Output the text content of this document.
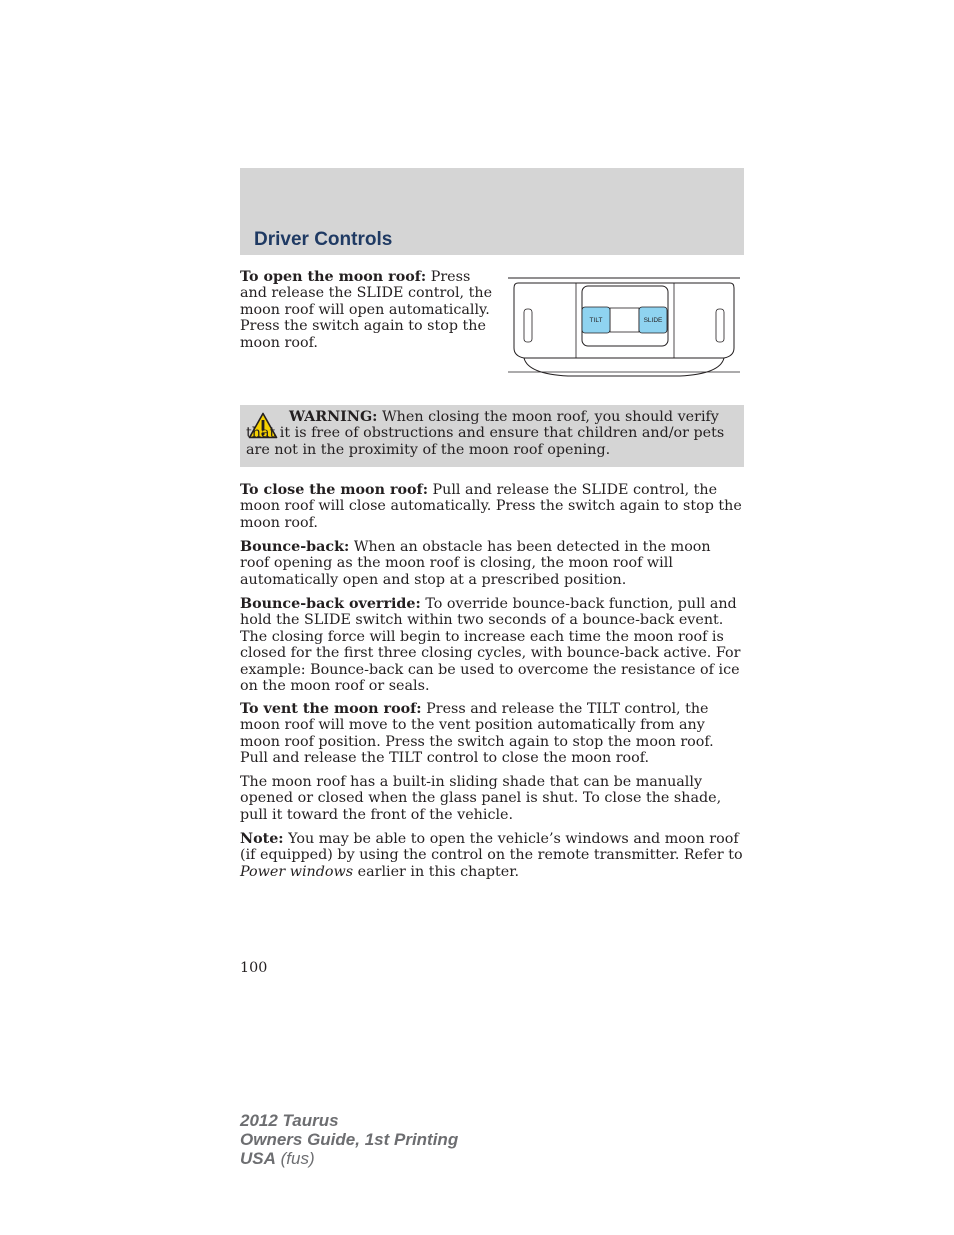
Driver Controls

To open the moon roof: Press and release the SLIDE control, the moon roof will open automatically. Press the switch again to stop the moon roof.

TILT	SLIDE

WARNING: When closing the moon roof, you should verify that it is free of obstructions and ensure that children and/or pets are not in the proximity of the moon roof opening.

To close the moon roof: Pull and release the SLIDE control, the moon roof will close automatically. Press the switch again to stop the moon roof.

Bounce-back: When an obstacle has been detected in the moon roof opening as the moon roof is closing, the moon roof will automatically open and stop at a prescribed position.

Bounce-back override: To override bounce-back function, pull and hold the SLIDE switch within two seconds of a bounce-back event. The closing force will begin to increase each time the moon roof is closed for the first three closing cycles, with bounce-back active. For example: Bounce-back can be used to overcome the resistance of ice on the moon roof or seals.

To vent the moon roof: Press and release the TILT control, the moon roof will move to the vent position automatically from any moon roof position. Press the switch again to stop the moon roof. Pull and release the TILT control to close the moon roof.

The moon roof has a built-in sliding shade that can be manually opened or closed when the glass panel is shut. To close the shade, pull it toward the front of the vehicle.

Note: You may be able to open the vehicle’s windows and moon roof (if equipped) by using the control on the remote transmitter. Refer to Power windows earlier in this chapter.

100
2012 Taurus
Owners Guide, 1st Printing
USA (fus)
